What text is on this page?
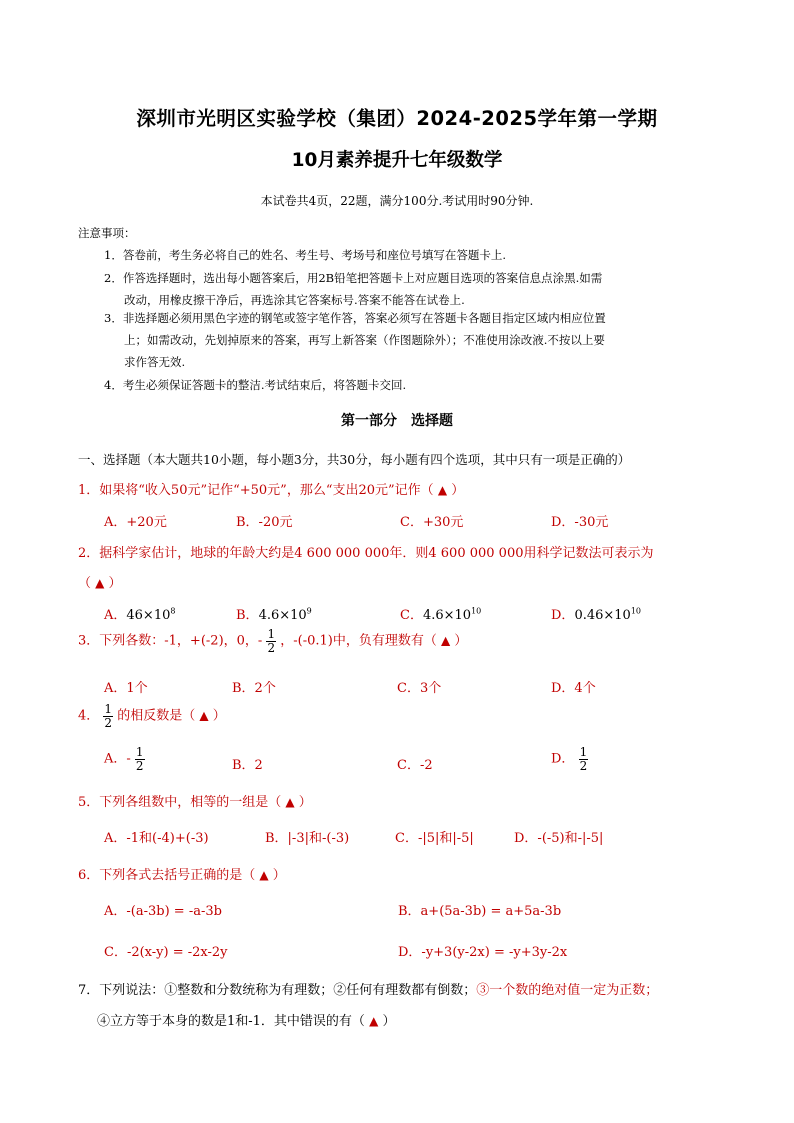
深圳市光明区实验学校（集团）2024-2025学年第一学期
10月素养提升七年级数学
本试卷共4页，22题，满分100分.考试用时90分钟.
注意事项：
1．答卷前，考生务必将自己的姓名、考生号、考场号和座位号填写在答题卡上.
2．作答选择题时，选出每小题答案后，用2B铅笔把答题卡上对应题目选项的答案信息点涂黑.如需
改动，用橡皮擦干净后，再选涂其它答案标号.答案不能答在试卷上.
3．非选择题必须用黑色字迹的钢笔或签字笔作答，答案必须写在答题卡各题目指定区域内相应位置
上；如需改动，先划掉原来的答案，再写上新答案（作图题除外）；不准使用涂改液.不按以上要
求作答无效.
4．考生必须保证答题卡的整洁.考试结束后，将答题卡交回.
第一部分　选择题
一、选择题（本大题共10小题，每小题3分，共30分，每小题有四个选项，其中只有一项是正确的）
1．如果将“收入50元”记作“+50元”，那么“支出20元”记作（ ▲ ）
A．+20元	B．-20元	C．+30元	D．-30元
2．据科学家估计，地球的年龄大约是4 600 000 000年．则4 600 000 000用科学记数法可表示为
（ ▲ ）
A．$46\times 10^8$	B．$4.6\times 10^9$	C．$4.6\times 10^{10}$	D．$0.46\times 10^{10}$
3．下列各数：-1，+(-2)，0，- $\frac{1}{2}$ ，-(-0.1)中，负有理数有（ ▲ ）
A．1个	B．2个	C．3个	D．4个
4． $\frac{1}{2}$ 的相反数是（ ▲ ）
A．- $\frac{1}{2}$	B．2	C．-2	D． $\frac{1}{2}$
5．下列各组数中，相等的一组是（ ▲ ）
A．-1和(-4)+(-3)	B．|-3|和-(-3)	C．-|5|和|-5|	D．-(-5)和-|-5|
6．下列各式去括号正确的是（ ▲ ）
A．-(a-3b) = -a-3b	B．a+(5a-3b) = a+5a-3b
C．-2(x-y) = -2x-2y	D．-y+3(y-2x) = -y+3y-2x
7．下列说法：①整数和分数统称为有理数；②任何有理数都有倒数；③一个数的绝对值一定为正数；
④立方等于本身的数是1和-1．其中错误的有（ ▲ ）
